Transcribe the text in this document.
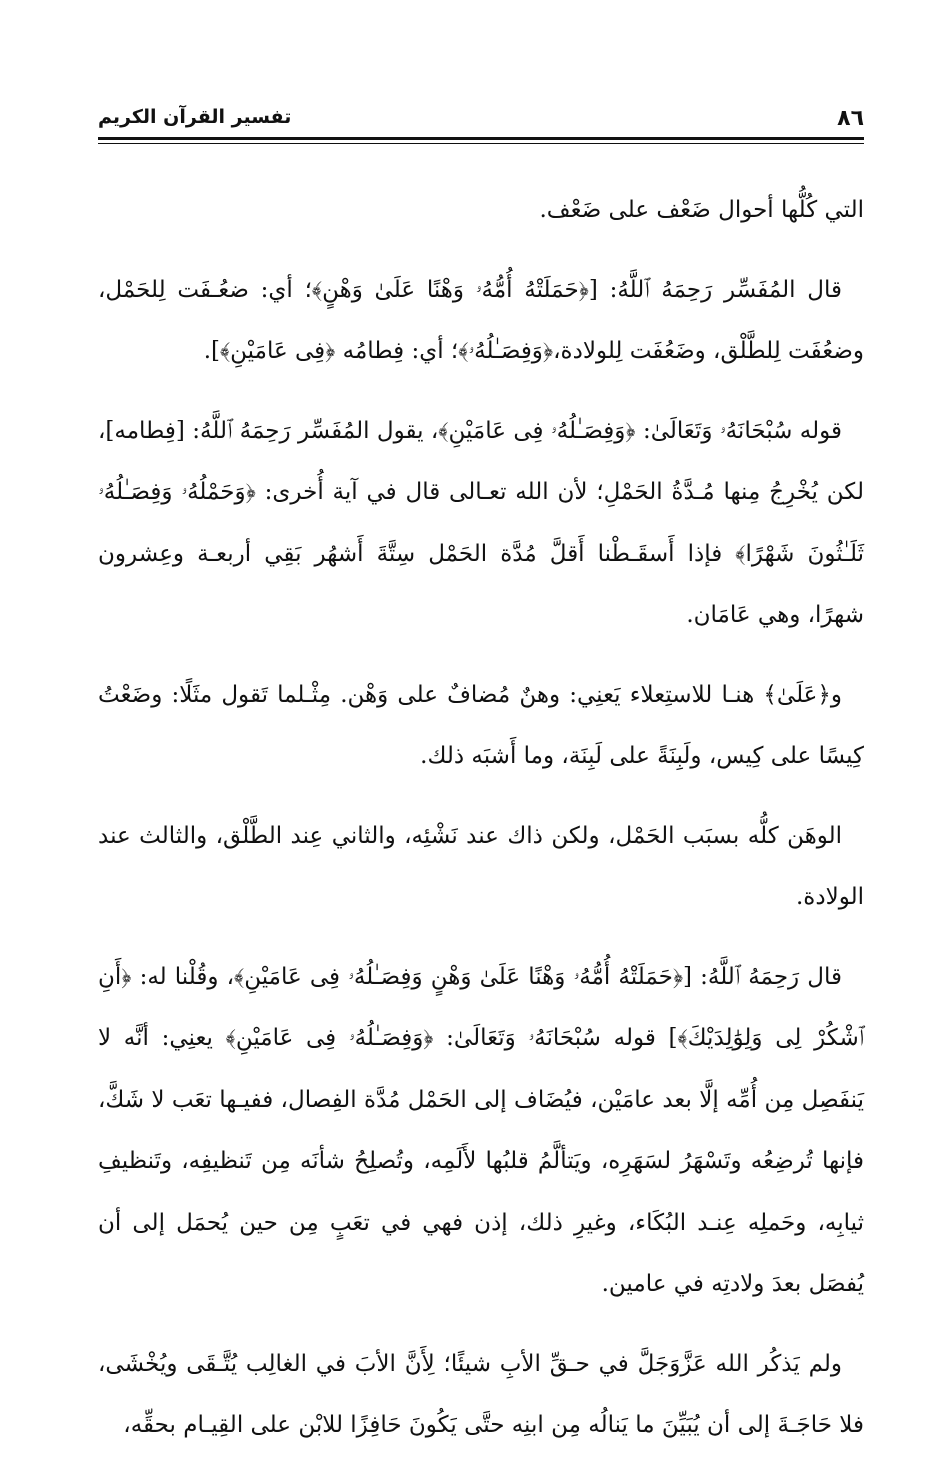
٨٦
تفسير القرآن الكريم

التي كُلُّها أحوال ضَعْف على ضَعْف.

قال المُفَسِّر رَحِمَهُ ٱللَّهُ: [﴿حَمَلَتْهُ أُمُّهُۥ وَهْنًا عَلَىٰ وَهْنٍ﴾؛ أي: ضعُـفَت لِلحَمْل، وضعُفَت لِلطَّلْق، وضَعُفَت لِلولادة،﴿وَفِصَـٰلُهُۥ﴾؛ أي: فِطامُه ﴿فِى عَامَيْنِ﴾].

قوله سُبْحَانَهُۥ وَتَعَالَىٰ: ﴿وَفِصَـٰلُهُۥ فِى عَامَيْنِ﴾، يقول المُفَسِّر رَحِمَهُ ٱللَّهُ: [فِطامه]، لكن يُخْرِجُ مِنها مُـدَّةُ الحَمْلِ؛ لأن الله تعـالى قال في آية أُخرى: ﴿وَحَمْلُهُۥ وَفِصَـٰلُهُۥ ثَلَـٰثُونَ شَهْرًا﴾ فإذا أَسقَـطْنا أَقلَّ مُدَّة الحَمْل سِتَّةَ أَشهُر بَقِي أربعـة وعِشرون شهرًا، وهي عَامَان.

و﴿عَلَىٰ﴾ هنـا للاستِعلاء يَعنِي: وهنٌ مُضافٌ على وَهْن. مِثْـلما تَقول مثَلًا: وضَعْتُ كِيسًا على كِيس، ولَبِنَةً على لَبِنَة، وما أَشبَه ذلك.

الوهَن كلُّه بسبَب الحَمْل، ولكن ذاك عند نَشْئِه، والثاني عِند الطَّلْق، والثالث عند الولادة.

قال رَحِمَهُ ٱللَّهُ: [﴿حَمَلَتْهُ أُمُّهُۥ وَهْنًا عَلَىٰ وَهْنٍ وَفِصَـٰلُهُۥ فِى عَامَيْنِ﴾، وقُلْنا له: ﴿أَنِ ٱشْكُرْ لِى وَلِوَٰلِدَيْكَ﴾] قوله سُبْحَانَهُۥ وَتَعَالَىٰ: ﴿وَفِصَـٰلُهُۥ فِى عَامَيْنِ﴾ يعنِي: أنَّه لا يَنفَصِل مِن أُمِّه إلَّا بعد عامَيْن، فيُضَاف إلى الحَمْل مُدَّة الفِصال، ففيـها تعَب لا شَكَّ، فإنها تُرضِعُه وتَسْهَرُ لسَهَرِه، ويَتألَّمُ قلبُها لأَلَمِه، وتُصلِحُ شأنَه مِن تَنظيفِه، وتَنظيفِ ثيابِه، وحَملِه عِنـد البُكَاء، وغيرِ ذلك، إذن فهي في تعَبٍ مِن حين يُحمَل إلى أن يُفصَل بعدَ ولادتِه في عامين.

ولم يَذكُر الله عَزَّوَجَلَّ في حـقِّ الأبِ شيئًا؛ لِأَنَّ الأبَ في الغالِب يُتَّـقَى ويُخْشَى، فلا حَاجَـةَ إلى أن يُبَيِّنَ ما يَنالُه مِن ابنِه حتَّى يَكُونَ حَافِزًا للابْن على القِيـام بحقِّه،
